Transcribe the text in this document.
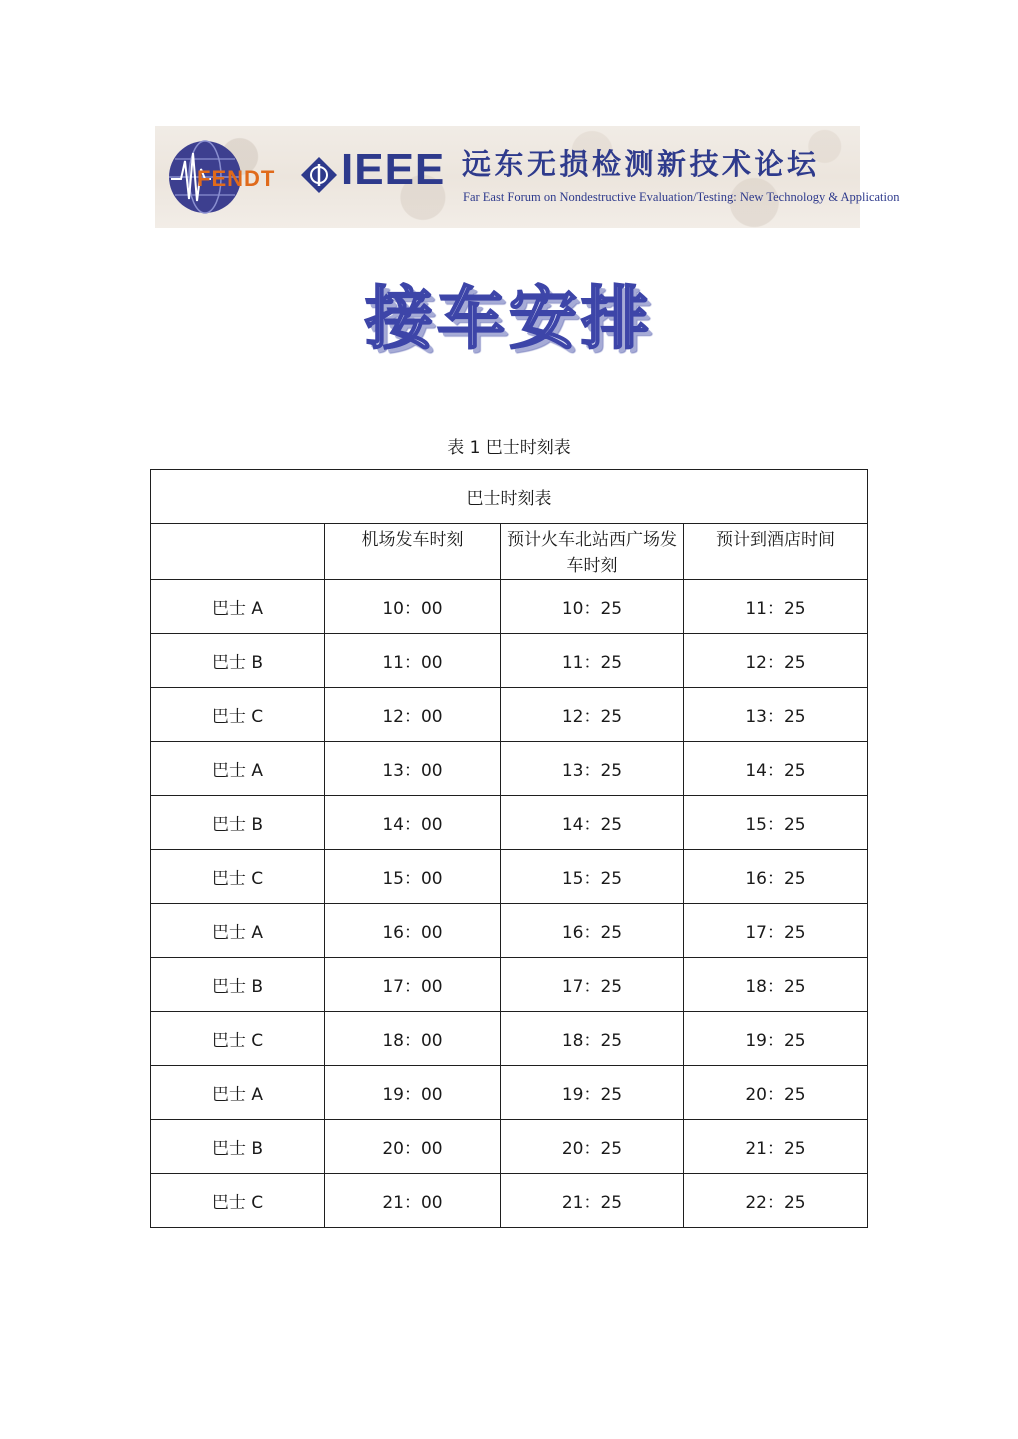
FENDT IEEE 远东无损检测新技术论坛
Far East Forum on Nondestructive Evaluation/Testing: New Technology & Application
接车安排
表 1 巴士时刻表
巴士时刻表			
	机场发车时刻	预计火车北站西广场发车时刻	预计到酒店时间
巴士 A	10：00	10：25	11：25
巴士 B	11：00	11：25	12：25
巴士 C	12：00	12：25	13：25
巴士 A	13：00	13：25	14：25
巴士 B	14：00	14：25	15：25
巴士 C	15：00	15：25	16：25
巴士 A	16：00	16：25	17：25
巴士 B	17：00	17：25	18：25
巴士 C	18：00	18：25	19：25
巴士 A	19：00	19：25	20：25
巴士 B	20：00	20：25	21：25
巴士 C	21：00	21：25	22：25
